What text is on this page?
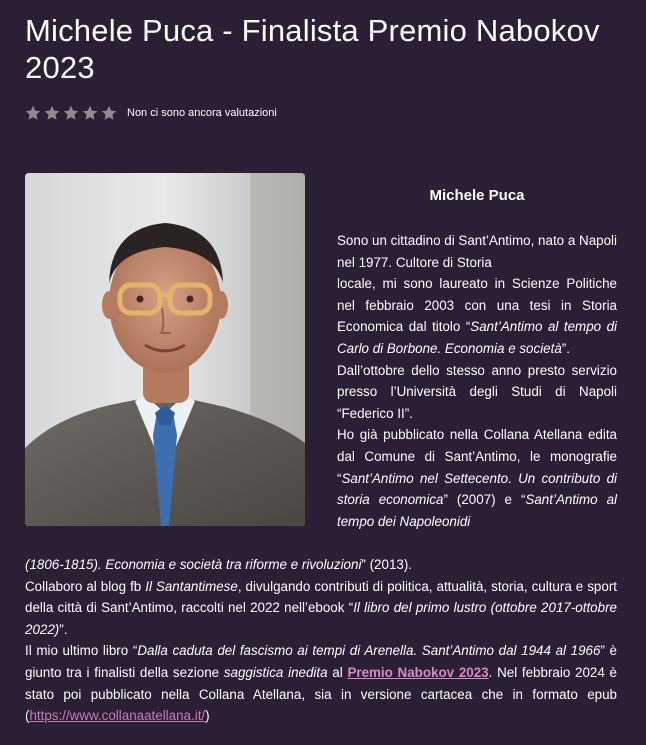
Michele Puca - Finalista Premio Nabokov 2023
Non ci sono ancora valutazioni
Michele Puca

Sono un cittadino di Sant’Antimo, nato a Napoli nel 1977. Cultore di Storia

locale, mi sono laureato in Scienze Politiche nel febbraio 2003 con una tesi in Storia Economica dal titolo “Sant’Antimo al tempo di Carlo di Borbone. Economia e società”.

Dall’ottobre dello stesso anno presto servizio presso l’Università degli Studi di Napoli “Federico II”.

Ho già pubblicato nella Collana Atellana edita dal Comune di Sant’Antimo, le monografie “Sant’Antimo nel Settecento. Un contributo di storia economica” (2007) e “Sant’Antimo al tempo dei Napoleonidi

(1806-1815). Economia e società tra riforme e rivoluzioni” (2013).

Collaboro al blog fb Il Santantimese, divulgando contributi di politica, attualità, storia, cultura e sport della città di Sant’Antimo, raccolti nel 2022 nell’ebook “Il libro del primo lustro (ottobre 2017-ottobre 2022)”.

Il mio ultimo libro “Dalla caduta del fascismo ai tempi di Arenella. Sant’Antimo dal 1944 al 1966” è giunto tra i finalisti della sezione saggistica inedita al Premio Nabokov 2023. Nel febbraio 2024 è stato poi pubblicato nella Collana Atellana, sia in versione cartacea che in formato epub (https://www.collanaatellana.it/)
